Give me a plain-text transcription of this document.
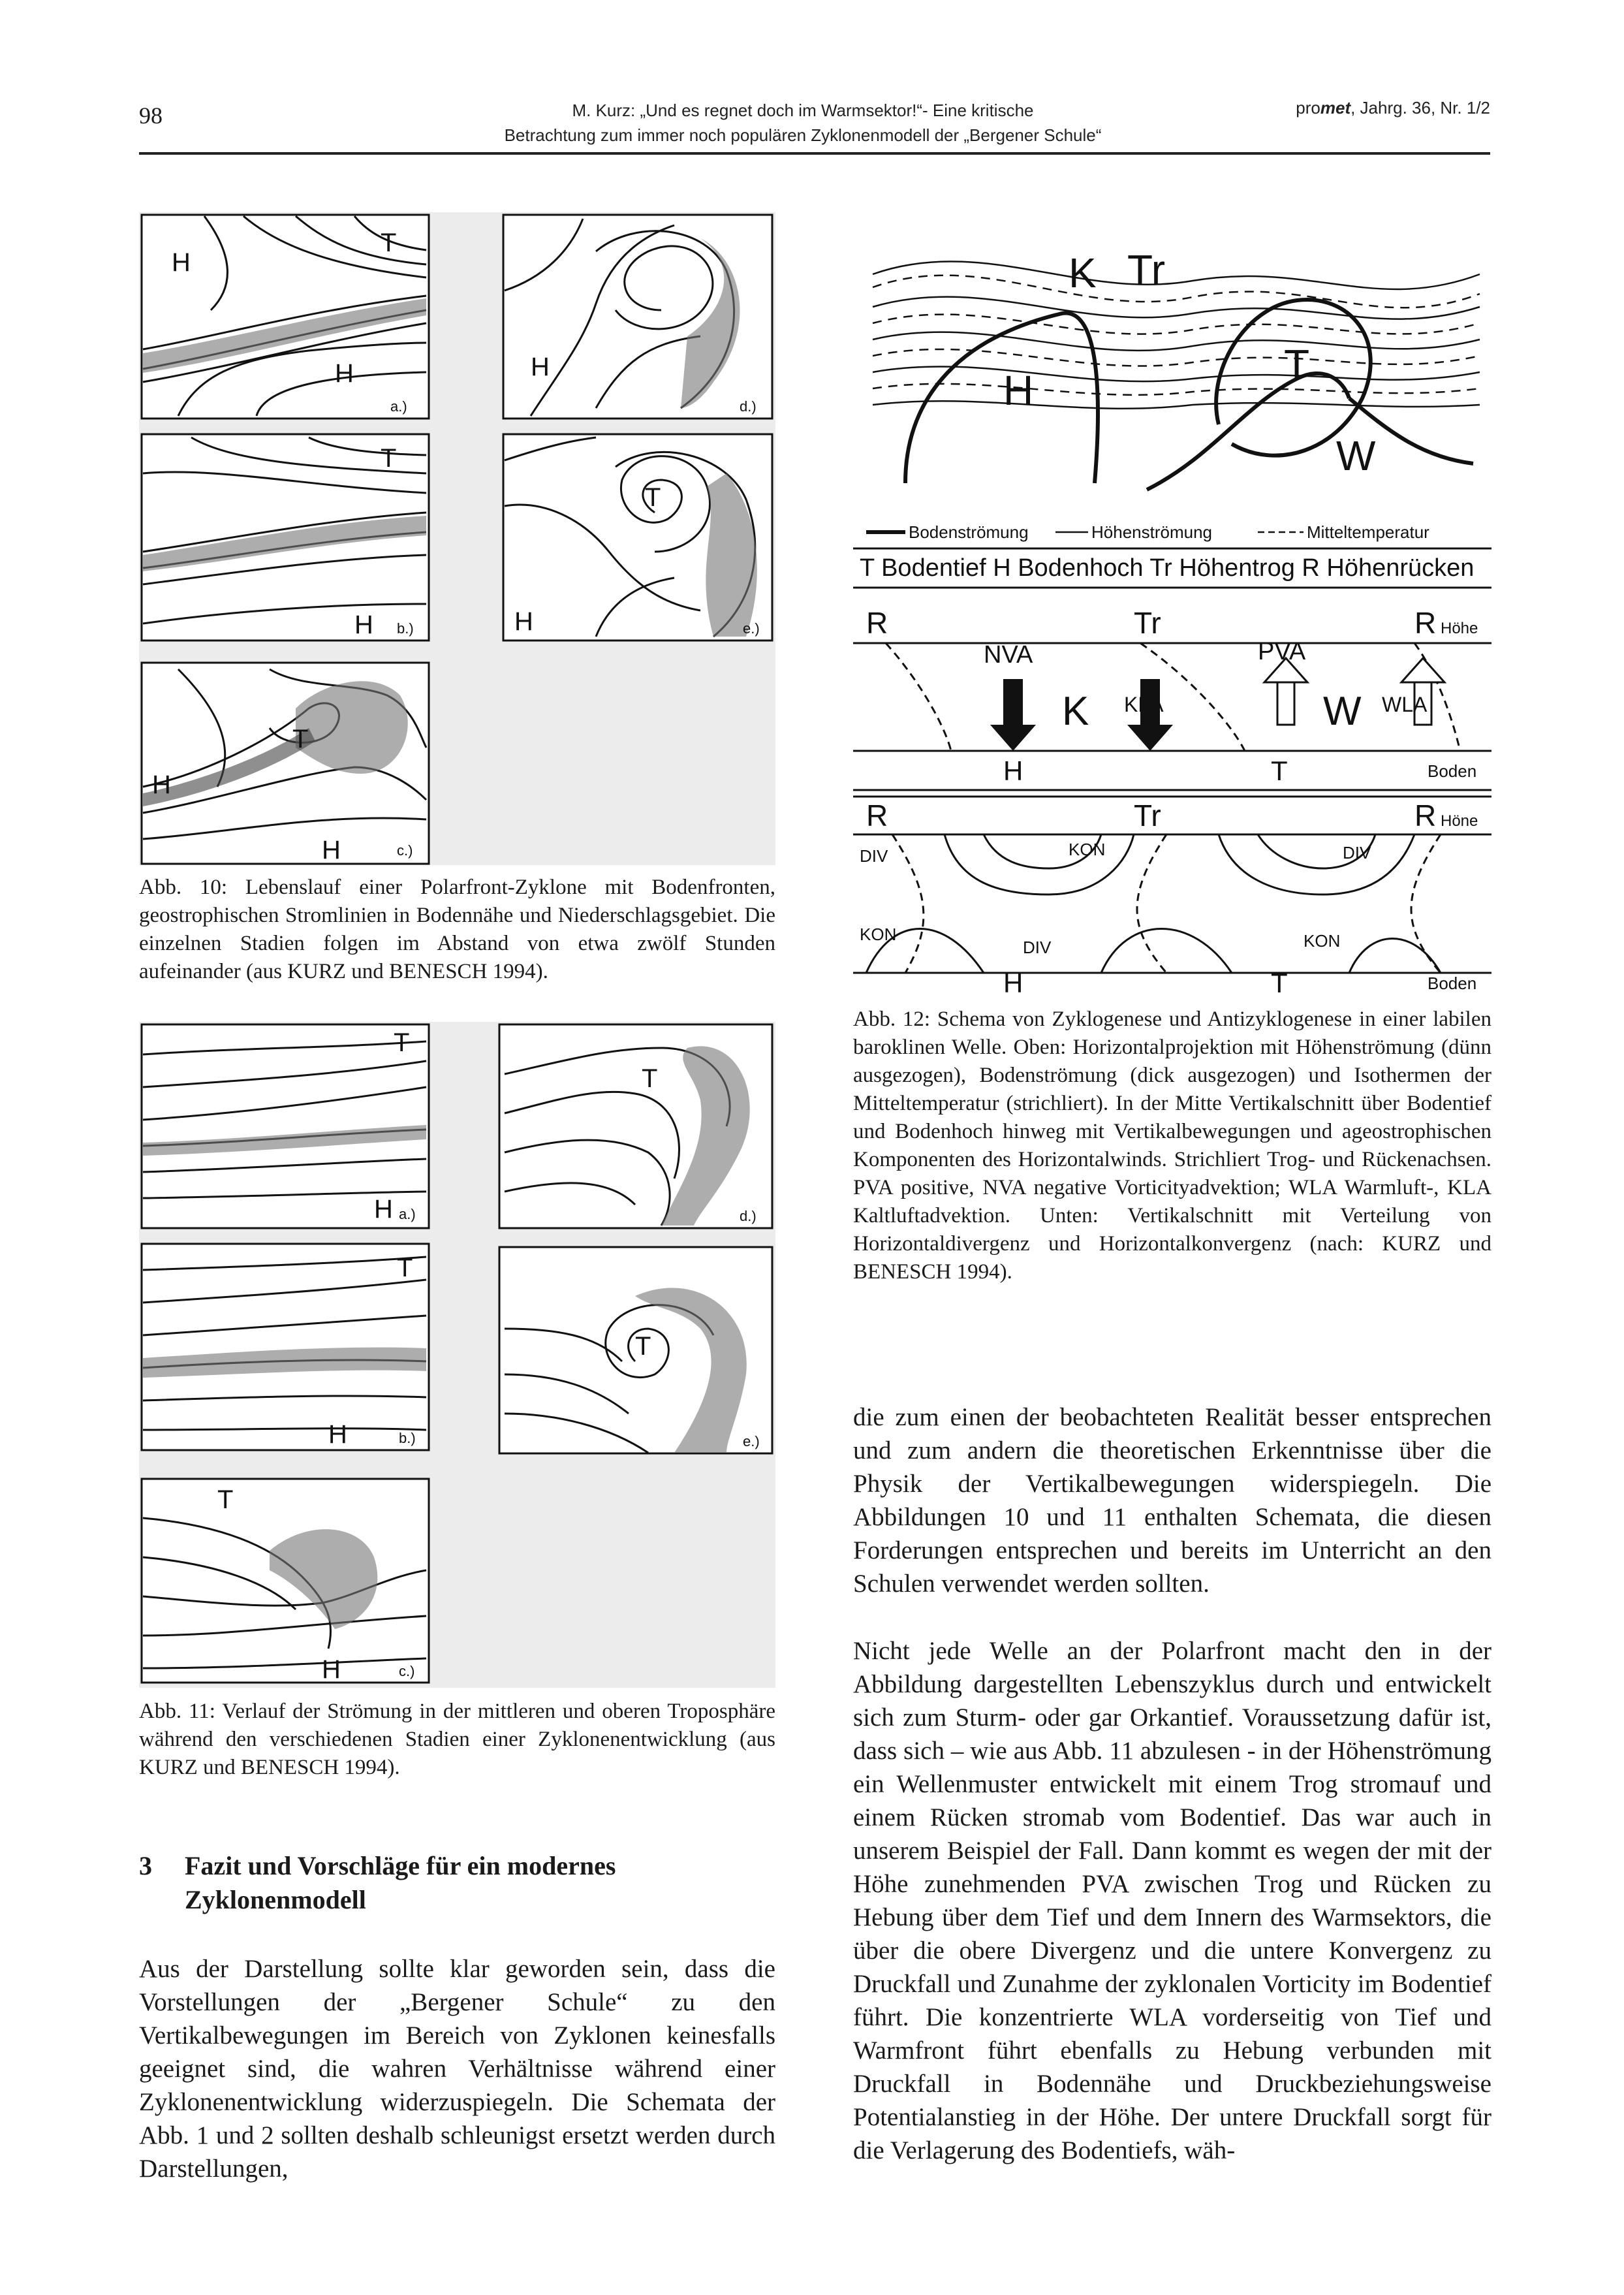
98	M. Kurz: „Und es regnet doch im Warmsektor!“- Eine kritische
Betrachtung zum immer noch populären Zyklonenmodell der „Bergener Schule“
promet, Jahrg. 36, Nr. 1/2
H
T
H
a.)
H
d.)
T
H b.)	H
T
e.)
H
H
T
c.)
Abb. 10: Lebenslauf einer Polarfront-Zyklone mit Bodenfronten, geostrophischen Stromlinien in Bodennähe und Niederschlagsgebiet. Die einzelnen Stadien folgen im Abstand von etwa zwölf Stunden aufeinander (aus KURZ und BENESCH 1994).
T
H a.)
T
d.)
T
H	b.)
T
e.)
T
H	c.)
Abb. 11: Verlauf der Strömung in der mittleren und oberen Troposphäre während den verschiedenen Stadien einer Zyklonenentwicklung (aus KURZ und BENESCH 1994).
3	Fazit und Vorschläge für ein modernes Zyklonenmodell
Aus der Darstellung sollte klar geworden sein, dass die Vorstellungen der „Bergener Schule“ zu den Vertikalbewegungen im Bereich von Zyklonen keinesfalls geeignet sind, die wahren Verhältnisse während einer Zyklonenentwicklung widerzuspiegeln. Die Schemata der Abb. 1 und 2 sollten deshalb schleunigst ersetzt werden durch Darstellungen,
K Tr
H
T
W
Bodenströmung	Höhenströmung	Mitteltemperatur
T Bodentief H Bodenhoch Tr Höhentrog R Höhenrücken
R	Tr	R Höhe
NVA	PVA
K	W
KLA	WLA
H	T	Boden
R	Tr	R Höne
DIV	KON	DIV
KON
DIV	KON
H	T	Boden
Abb. 12: Schema von Zyklogenese und Antizyklogenese in einer labilen baroklinen Welle. Oben: Horizontalprojektion mit Höhenströmung (dünn ausgezogen), Bodenströmung (dick ausgezogen) und Isothermen der Mitteltemperatur (strichliert). In der Mitte Vertikalschnitt über Bodentief und Bodenhoch hinweg mit Vertikalbewegungen und ageostrophischen Komponenten des Horizontalwinds. Strichliert Trog- und Rückenachsen. PVA positive, NVA negative Vorticityadvektion; WLA Warmluft-, KLA Kaltluftadvektion. Unten: Vertikalschnitt mit Verteilung von Horizontaldivergenz und Horizontalkonvergenz (nach: KURZ und BENESCH 1994).
die zum einen der beobachteten Realität besser entsprechen und zum andern die theoretischen Erkenntnisse über die Physik der Vertikalbewegungen widerspiegeln. Die Abbildungen 10 und 11 enthalten Schemata, die diesen Forderungen entsprechen und bereits im Unterricht an den Schulen verwendet werden sollten.
Nicht jede Welle an der Polarfront macht den in der Abbildung dargestellten Lebenszyklus durch und entwickelt sich zum Sturm- oder gar Orkantief. Voraussetzung dafür ist, dass sich – wie aus Abb. 11 abzulesen - in der Höhenströmung ein Wellenmuster entwickelt mit einem Trog stromauf und einem Rücken stromab vom Bodentief. Das war auch in unserem Beispiel der Fall. Dann kommt es wegen der mit der Höhe zunehmenden PVA zwischen Trog und Rücken zu Hebung über dem Tief und dem Innern des Warmsektors, die über die obere Divergenz und die untere Konvergenz zu Druckfall und Zunahme der zyklonalen Vorticity im Bodentief führt. Die konzentrierte WLA vorderseitig von Tief und Warmfront führt ebenfalls zu Hebung verbunden mit Druckfall in Bodennähe und Druckbeziehungsweise Potentialanstieg in der Höhe. Der untere Druckfall sorgt für die Verlagerung des Bodentiefs, wäh-
